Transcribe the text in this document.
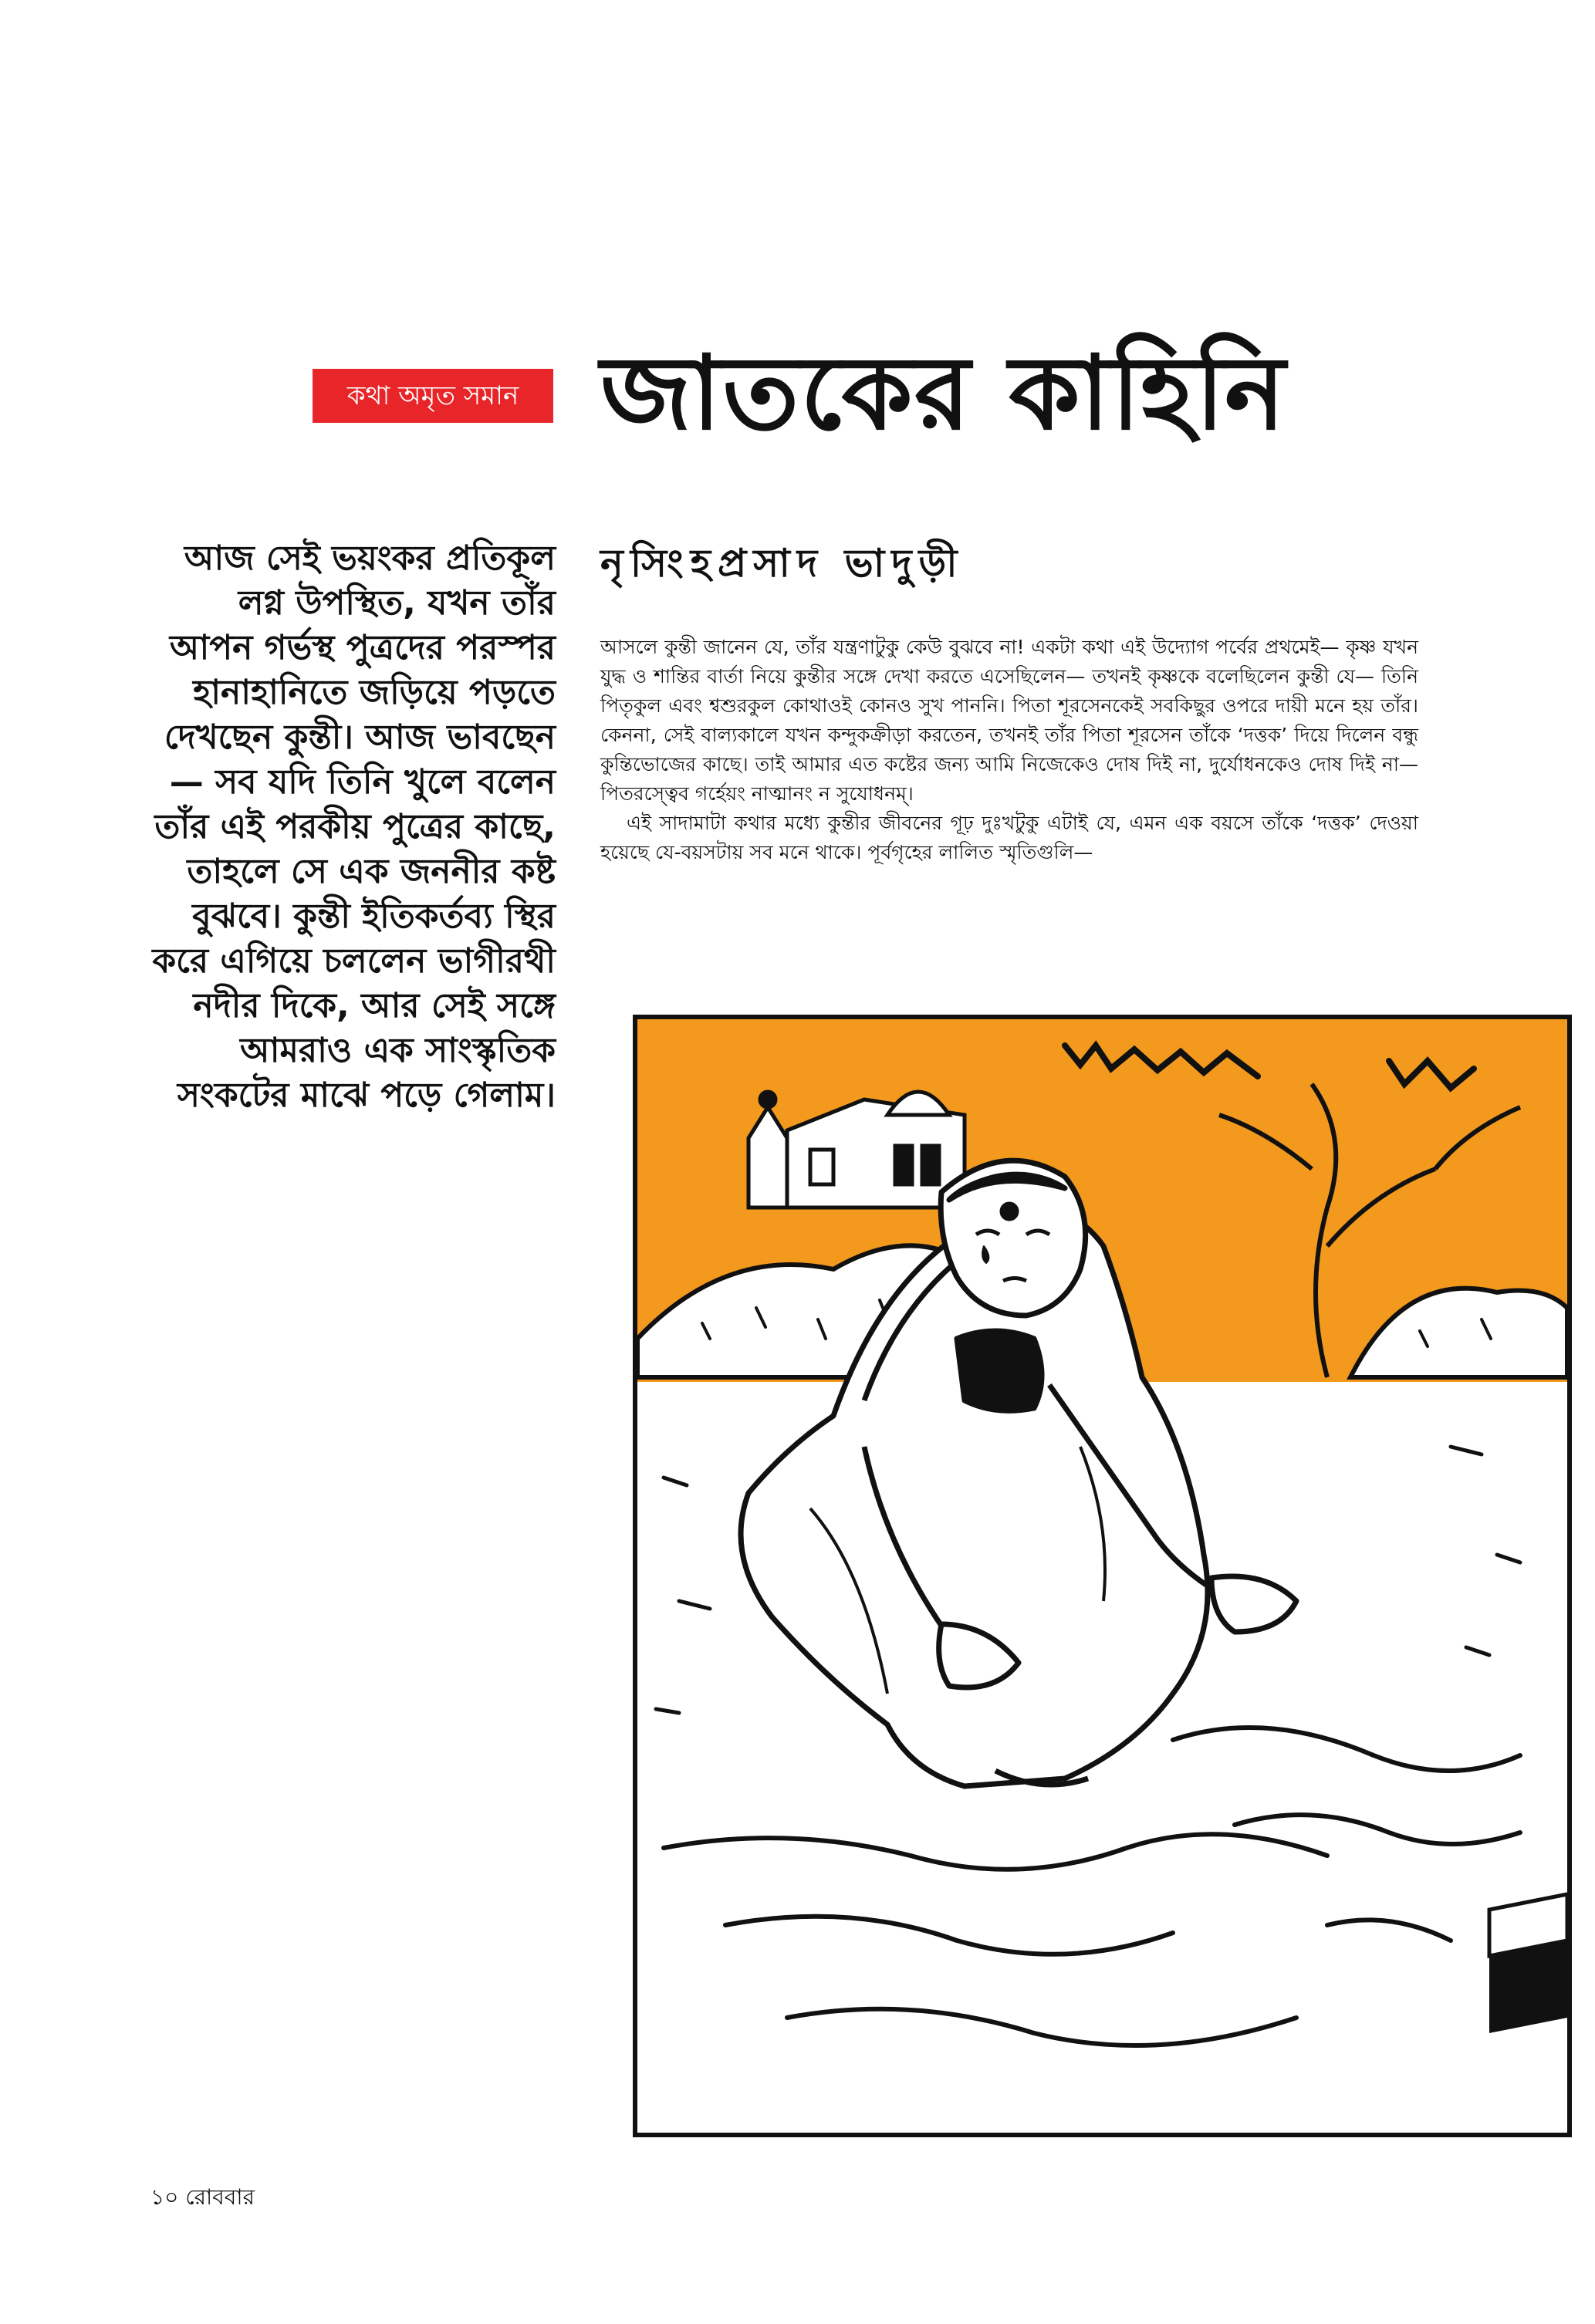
কথা অমৃত সমান জাতকের কাহিনি

আজ সেই ভয়ংকর প্রতিকূল লগ্ন উপস্থিত, যখন তাঁর আপন গর্ভস্থ পুত্রদের পরস্পর হানাহানিতে জড়িয়ে পড়তে দেখছেন কুন্তী। আজ ভাবছেন— সব যদি তিনি খুলে বলেন তাঁর এই পরকীয় পুত্রের কাছে, তাহলে সে এক জননীর কষ্ট বুঝবে। কুন্তী ইতিকর্তব্য স্থির করে এগিয়ে চললেন ভাগীরথী নদীর দিকে, আর সেই সঙ্গে আমরাও এক সাংস্কৃতিক সংকটের মাঝে পড়ে গেলাম।

নৃসিংহপ্রসাদ ভাদুড়ী

আসলে কুন্তী জানেন যে, তাঁর যন্ত্রণাটুকু কেউ বুঝবে না! একটা কথা এই উদ্যোগ পর্বের প্রথমেই— কৃষ্ণ যখন যুদ্ধ ও শান্তির বার্তা নিয়ে কুন্তীর সঙ্গে দেখা করতে এসেছিলেন— তখনই কৃষ্ণকে বলেছিলেন কুন্তী যে— তিনি পিতৃকুল এবং শ্বশুরকুল কোথাওই কোনও সুখ পাননি। পিতা শূরসেনকেই সবকিছুর ওপরে দায়ী মনে হয় তাঁর। কেননা, সেই বাল্যকালে যখন কন্দুকক্রীড়া করতেন, তখনই তাঁর পিতা শূরসেন তাঁকে ‘দত্তক’ দিয়ে দিলেন বন্ধু কুন্তিভোজের কাছে। তাই আমার এত কষ্টের জন্য আমি নিজেকেও দোষ দিই না, দুর্যোধনকেও দোষ দিই না— পিতরস্ত্বেব গর্হেয়ং নাত্মানং ন সুযোধনম্।

এই সাদামাটা কথার মধ্যে কুন্তীর জীবনের গূঢ় দুঃখটুকু এটাই যে, এমন এক বয়সে তাঁকে ‘দত্তক’ দেওয়া হয়েছে যে-বয়সটায় সব মনে থাকে। পূর্বগৃহের লালিত স্মৃতিগুলি—

১০ রোববার
